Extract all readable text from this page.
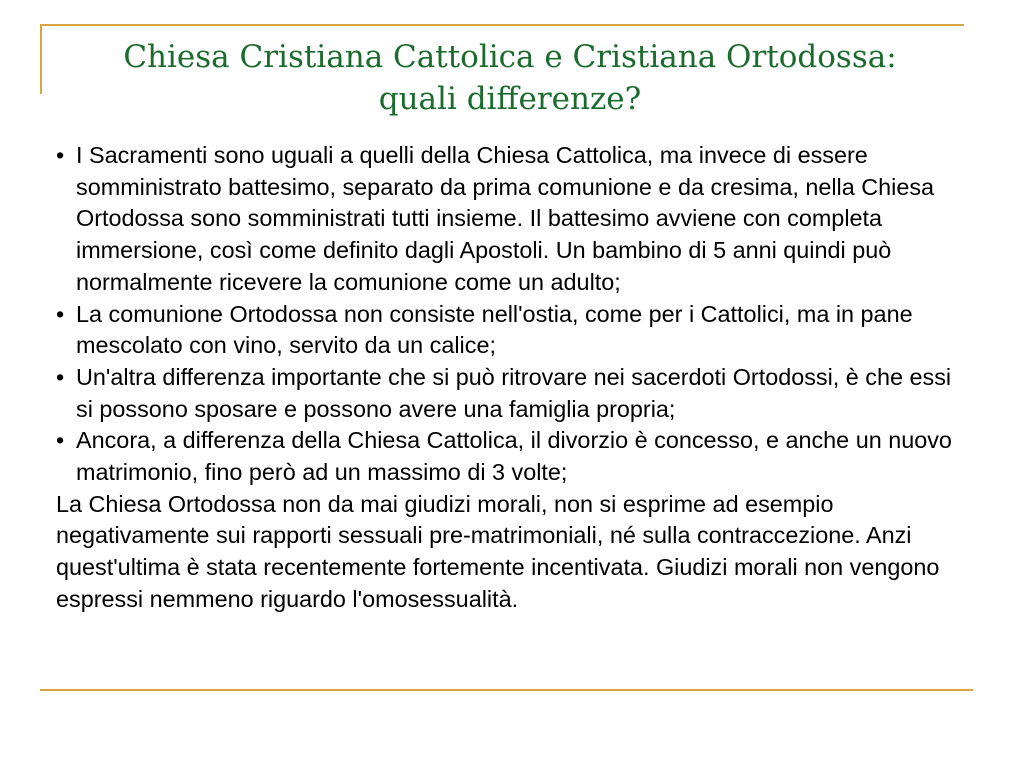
Chiesa Cristiana Cattolica e Cristiana Ortodossa:
quali differenze?
• I Sacramenti sono uguali a quelli della Chiesa Cattolica, ma invece di essere somministrato battesimo, separato da prima comunione e da cresima, nella Chiesa Ortodossa sono somministrati tutti insieme. Il battesimo avviene con completa immersione, così come definito dagli Apostoli. Un bambino di 5 anni quindi può normalmente ricevere la comunione come un adulto;
• La comunione Ortodossa non consiste nell'ostia, come per i Cattolici, ma in pane mescolato con vino, servito da un calice;
• Un'altra differenza importante che si può ritrovare nei sacerdoti Ortodossi, è che essi si possono sposare e possono avere una famiglia propria;
• Ancora, a differenza della Chiesa Cattolica, il divorzio è concesso, e anche un nuovo matrimonio, fino però ad un massimo di 3 volte;

La Chiesa Ortodossa non da mai giudizi morali, non si esprime ad esempio negativamente sui rapporti sessuali pre-matrimoniali, né sulla contraccezione. Anzi quest'ultima è stata recentemente fortemente incentivata. Giudizi morali non vengono espressi nemmeno riguardo l'omosessualità.
